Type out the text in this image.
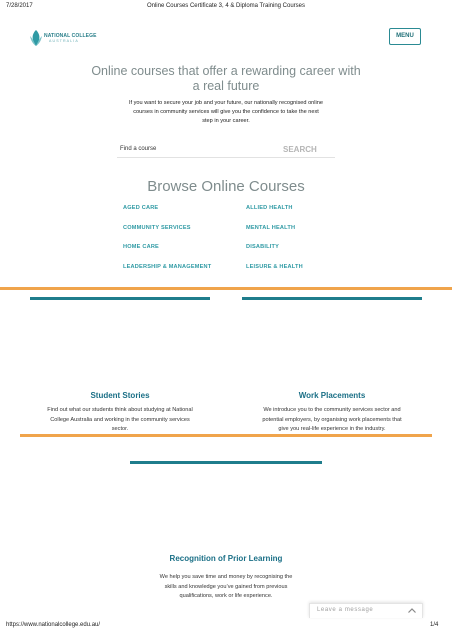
7/28/2017	Online Courses Certificate 3, 4 & Diploma Training Courses
NATIONAL COLLEGE
AUSTRALIA
MENU
Online courses that offer a rewarding career with
a real future
If you want to secure your job and your future, our nationally recognised online
courses in community services will give you the confidence to take the next
step in your career.
Find a course	SEARCH
Browse Online Courses
AGED CARE	ALLIED HEALTH
COMMUNITY SERVICES	MENTAL HEALTH
HOME CARE	DISABILITY
LEADERSHIP & MANAGEMENT	LEISURE & HEALTH
Student Stories
Find out what our students think about studying at National
College Australia and working in the community services
sector.
Work Placements
We introduce you to the community services sector and
potential employers, by organising work placements that
give you real-life experience in the industry.
Recognition of Prior Learning
We help you save time and money by recognising the
skills and knowledge you’ve gained from previous
qualifications, work or life experience.
Leave a message
https://www.nationalcollege.edu.au/	1/4
